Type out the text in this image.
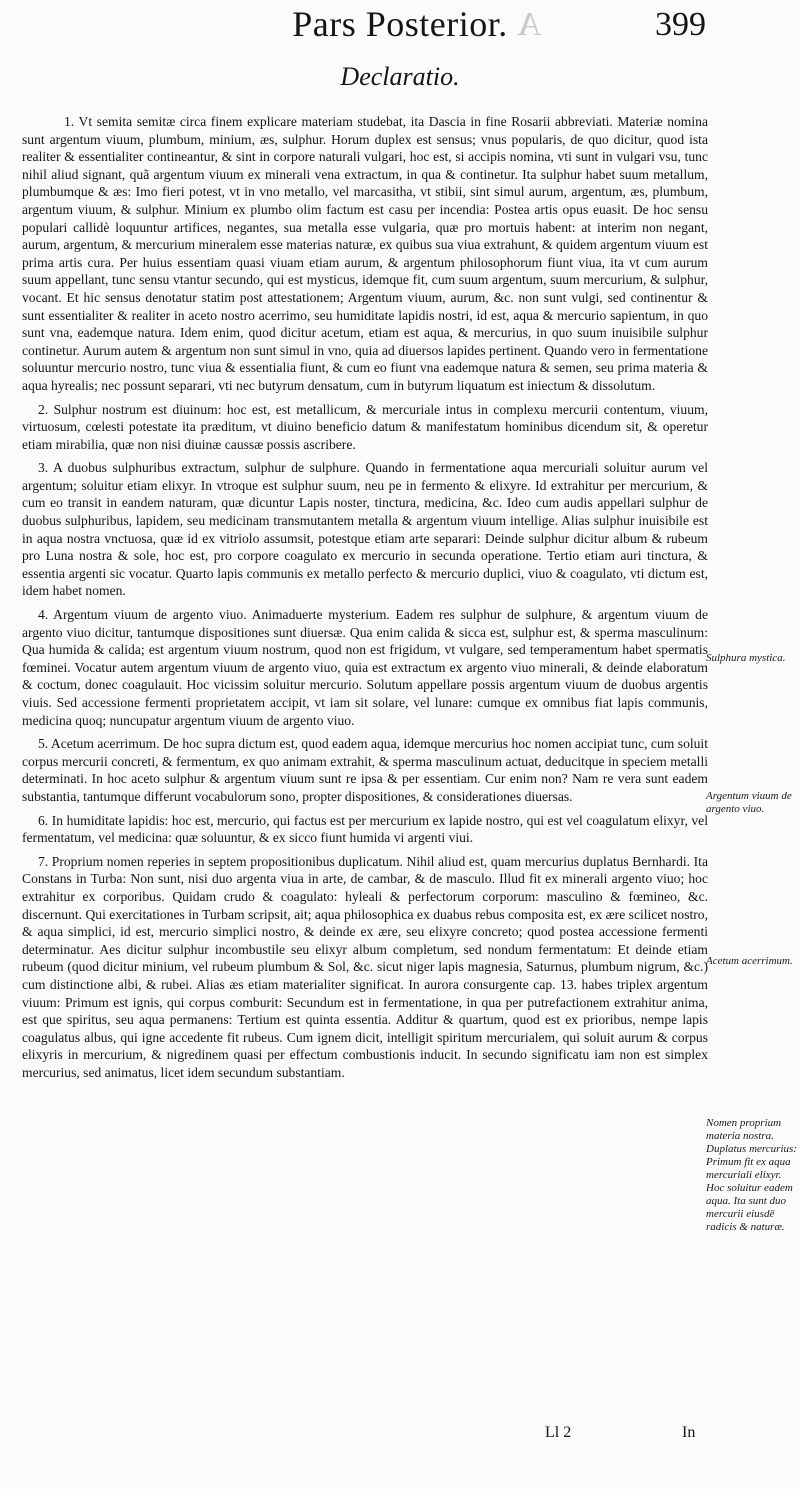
A
Pars Posterior.	399
Declaratio.

1. Vt semita semitæ circa finem explicare materiam studebat, ita Dascia in fine Rosarii abbreviati. Materiæ nomina sunt argentum viuum, plumbum, minium, æs, sulphur. Horum duplex est sensus; vnus popularis, de quo dicitur, quod ista realiter & essentialiter contineantur, & sint in corpore naturali vulgari, hoc est, si accipis nomina, vti sunt in vulgari vsu, tunc nihil aliud signant, quã argentum viuum ex minerali vena extractum, in qua & continetur. Ita sulphur habet suum metallum, plumbumque & æs: Imo fieri potest, vt in vno metallo, vel marcasitha, vt stibii, sint simul aurum, argentum, æs, plumbum, argentum viuum, & sulphur. Minium ex plumbo olim factum est casu per incendia: Postea artis opus euasit. De hoc sensu populari callidè loquuntur artifices, negantes, sua metalla esse vulgaria, quæ pro mortuis habent: at interim non negant, aurum, argentum, & mercurium mineralem esse materias naturæ, ex quibus sua viua extrahunt, & quidem argentum viuum est prima artis cura. Per huius essentiam quasi viuam etiam aurum, & argentum philosophorum fiunt viua, ita vt cum aurum suum appellant, tunc sensu vtantur secundo, qui est mysticus, idemque fit, cum suum argentum, suum mercurium, & sulphur, vocant. Et hic sensus denotatur statim post attestationem; Argentum viuum, aurum, &c. non sunt vulgi, sed continentur & sunt essentialiter & realiter in aceto nostro acerrimo, seu humiditate lapidis nostri, id est, aqua & mercurio sapientum, in quo sunt vna, eademque natura. Idem enim, quod dicitur acetum, etiam est aqua, & mercurius, in quo suum inuisibile sulphur continetur. Aurum autem & argentum non sunt simul in vno, quia ad diuersos lapides pertinent. Quando vero in fermentatione soluuntur mercurio nostro, tunc viua & essentialia fiunt, & cum eo fiunt vna eademque natura & semen, seu prima materia & aqua hyrealis; nec possunt separari, vti nec butyrum densatum, cum in butyrum liquatum est iniectum & dissolutum.

2. Sulphur nostrum est diuinum: hoc est, est metallicum, & mercuriale intus in complexu mercurii contentum, viuum, virtuosum, cœlesti potestate ita præditum, vt diuino beneficio datum & manifestatum hominibus dicendum sit, & operetur etiam mirabilia, quæ non nisi diuinæ caussæ possis ascribere.

3. A duobus sulphuribus extractum, sulphur de sulphure. Quando in fermentatione aqua mercuriali soluitur aurum vel argentum; soluitur etiam elixyr. In vtroque est sulphur suum, neu pe in fermento & elixyre. Id extrahitur per mercurium, & cum eo transit in eandem naturam, quæ dicuntur Lapis noster, tinctura, medicina, &c. Ideo cum audis appellari sulphur de duobus sulphuribus, lapidem, seu medicinam transmutantem metalla & argentum viuum intellige. Alias sulphur inuisibile est in aqua nostra vnctuosa, quæ id ex vitriolo assumsit, potestque etiam arte separari: Deinde sulphur dicitur album & rubeum pro Luna nostra & sole, hoc est, pro corpore coagulato ex mercurio in secunda operatione. Tertio etiam auri tinctura, & essentia argenti sic vocatur. Quarto lapis communis ex metallo perfecto & mercurio duplici, viuo & coagulato, vti dictum est, idem habet nomen.

4. Argentum viuum de argento viuo. Animaduerte mysterium. Eadem res sulphur de sulphure, & argentum viuum de argento viuo dicitur, tantumque dispositiones sunt diuersæ. Qua enim calida & sicca est, sulphur est, & sperma masculinum: Qua humida & calida; est argentum viuum nostrum, quod non est frigidum, vt vulgare, sed temperamentum habet spermatis fœminei. Vocatur autem argentum viuum de argento viuo, quia est extractum ex argento viuo minerali, & deinde elaboratum & coctum, donec coagulauit. Hoc vicissim soluitur mercurio. Solutum appellare possis argentum viuum de duobus argentis viuis. Sed accessione fermenti proprietatem accipit, vt iam sit solare, vel lunare: cumque ex omnibus fiat lapis communis, medicina quoq; nuncupatur argentum viuum de argento viuo.

5. Acetum acerrimum. De hoc supra dictum est, quod eadem aqua, idemque mercurius hoc nomen accipiat tunc, cum soluit corpus mercurii concreti, & fermentum, ex quo animam extrahit, & sperma masculinum actuat, deducitque in speciem metalli determinati. In hoc aceto sulphur & argentum viuum sunt re ipsa & per essentiam. Cur enim non? Nam re vera sunt eadem substantia, tantumque differunt vocabulorum sono, propter dispositiones, & considerationes diuersas.

6. In humiditate lapidis: hoc est, mercurio, qui factus est per mercurium ex lapide nostro, qui est vel coagulatum elixyr, vel fermentatum, vel medicina: quæ soluuntur, & ex sicco fiunt humida vi argenti viui.

7. Proprium nomen reperies in septem propositionibus duplicatum. Nihil aliud est, quam mercurius duplatus Bernhardi. Ita Constans in Turba: Non sunt, nisi duo argenta viua in arte, de cambar, & de masculo. Illud fit ex minerali argento viuo; hoc extrahitur ex corporibus. Quidam crudo & coagulato: hyleali & perfectorum corporum: masculino & fœmineo, &c. discernunt. Qui exercitationes in Turbam scripsit, ait; aqua philosophica ex duabus rebus composita est, ex ære scilicet nostro, & aqua simplici, id est, mercurio simplici nostro, & deinde ex ære, seu elixyre concreto; quod postea accessione fermenti determinatur. Aes dicitur sulphur incombustile seu elixyr album completum, sed nondum fermentatum: Et deinde etiam rubeum (quod dicitur minium, vel rubeum plumbum & Sol, &c. sicut niger lapis magnesia, Saturnus, plumbum nigrum, &c.) cum distinctione albi, & rubei. Alias æs etiam materialiter significat. In aurora consurgente cap. 13. habes triplex argentum viuum: Primum est ignis, qui corpus comburit: Secundum est in fermentatione, in qua per putrefactionem extrahitur anima, est que spiritus, seu aqua permanens: Tertium est quinta essentia. Additur & quartum, quod est ex prioribus, nempe lapis coagulatus albus, qui igne accedente fit rubeus. Cum ignem dicit, intelligit spiritum mercurialem, qui soluit aurum & corpus elixyris in mercurium, & nigredinem quasi per effectum combustionis inducit. In secundo significatu iam non est simplex mercurius, sed animatus, licet idem secundum substantiam.

Sulphura mystica.
Argentum viuum de argento viuo.
Acetum acerrimum.
Nomen proprium materia nostra. Duplatus mercurius: Primum fit ex aqua mercuriali elixyr. Hoc soluitur eadem aqua. Ita sunt duo mercurii eiusdē radicis & naturæ.
Ll 2	In
